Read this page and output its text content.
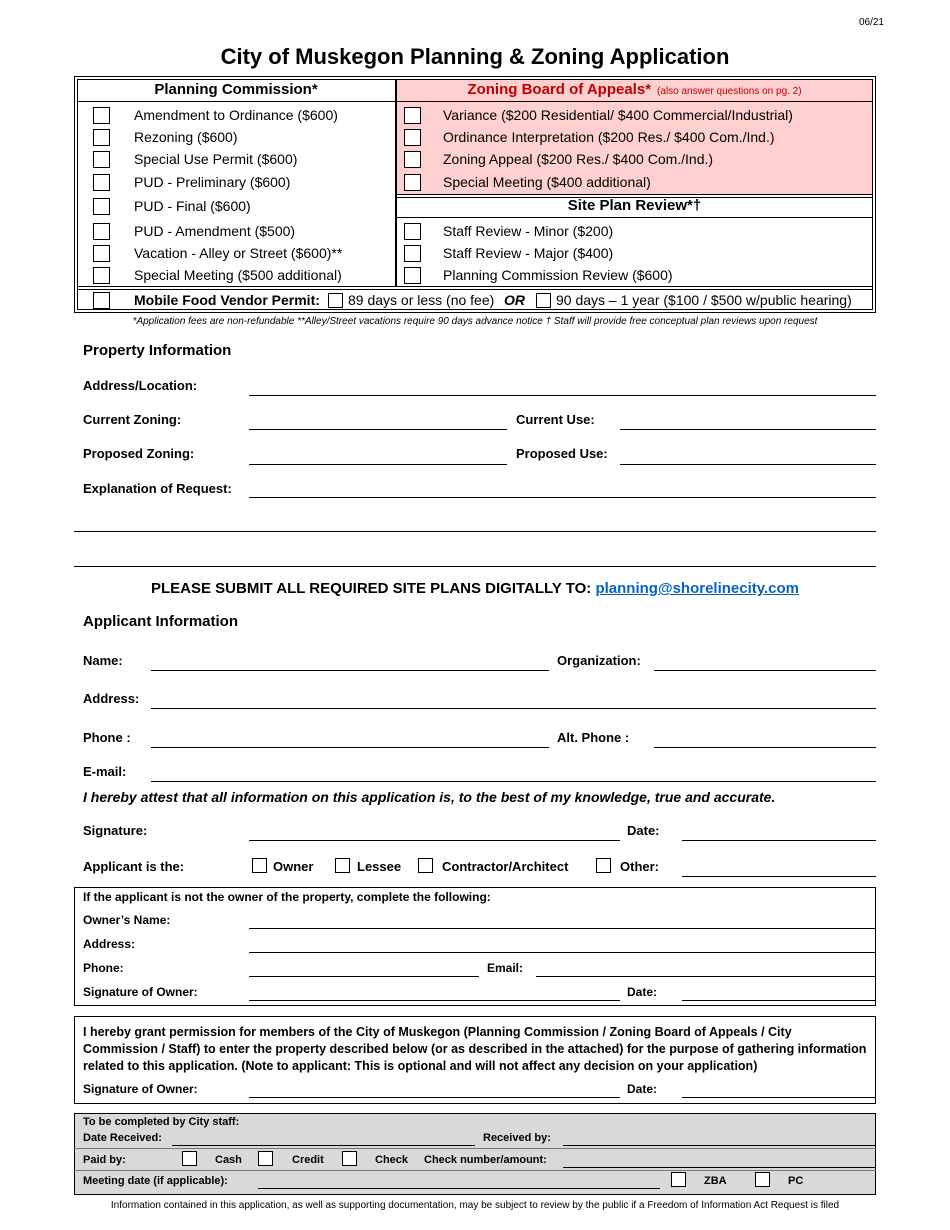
06/21
City of Muskegon Planning & Zoning Application
Planning Commission*	Zoning Board of Appeals* (also answer questions on pg. 2)
Site Plan Review*†
Amendment to Ordinance ($600)
Rezoning ($600)
Special Use Permit ($600)
PUD - Preliminary ($600)
PUD - Final ($600)
PUD - Amendment ($500)
Vacation - Alley or Street ($600)**
Special Meeting ($500 additional)
Variance ($200 Residential/ $400 Commercial/Industrial)
Ordinance Interpretation ($200 Res./ $400 Com./Ind.)
Zoning Appeal ($200 Res./ $400 Com./Ind.)
Special Meeting ($400 additional)
Staff Review - Minor ($200)
Staff Review - Major ($400)
Planning Commission Review ($600)
Mobile Food Vendor Permit: 89 days or less (no fee) OR 90 days – 1 year ($100 / $500 w/public hearing)
*Application fees are non-refundable **Alley/Street vacations require 90 days advance notice † Staff will provide free conceptual plan reviews upon request
Property Information
Address/Location:
Current Zoning:	Current Use:
Proposed Zoning:	Proposed Use:
Explanation of Request:
PLEASE SUBMIT ALL REQUIRED SITE PLANS DIGITALLY TO: planning@shorelinecity.com
Applicant Information
Name:	Organization:
Address:
Phone :	Alt. Phone :
E-mail:
I hereby attest that all information on this application is, to the best of my knowledge, true and accurate.
Signature:	Date:
Applicant is the:	Owner	Lessee	Contractor/Architect	Other:
If the applicant is not the owner of the property, complete the following:
Owner’s Name:
Address:
Phone:	Email:
Signature of Owner:	Date:
I hereby grant permission for members of the City of Muskegon (Planning Commission / Zoning Board of Appeals / City Commission / Staff) to enter the property described below (or as described in the attached) for the purpose of gathering information related to this application. (Note to applicant: This is optional and will not affect any decision on your application)
Signature of Owner:	Date:
To be completed by City staff:
Date Received:	Received by:
Paid by:	Cash	Credit	Check Check number/amount:
Meeting date (if applicable):	ZBA	PC
Information contained in this application, as well as supporting documentation, may be subject to review by the public if a Freedom of Information Act Request is filed
